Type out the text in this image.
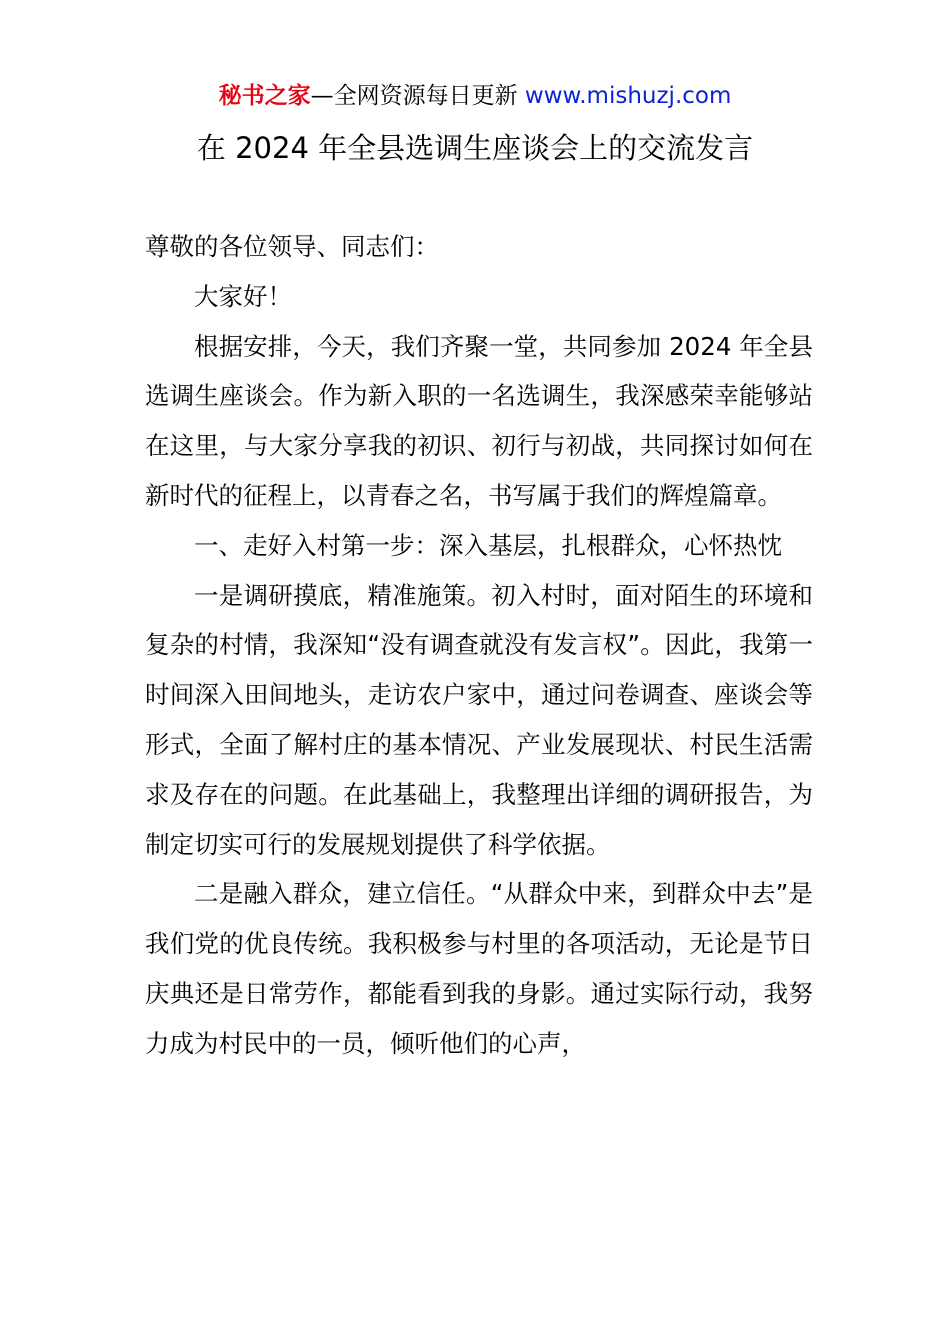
秘书之家—全网资源每日更新 www.mishuzj.com
在 2024 年全县选调生座谈会上的交流发言

尊敬的各位领导、同志们：

大家好！

根据安排，今天，我们齐聚一堂，共同参加 2024 年全县选调生座谈会。作为新入职的一名选调生，我深感荣幸能够站在这里，与大家分享我的初识、初行与初战，共同探讨如何在新时代的征程上，以青春之名，书写属于我们的辉煌篇章。

一、走好入村第一步：深入基层，扎根群众，心怀热忱

一是调研摸底，精准施策。初入村时，面对陌生的环境和复杂的村情，我深知“没有调查就没有发言权”。因此，我第一时间深入田间地头，走访农户家中，通过问卷调查、座谈会等形式，全面了解村庄的基本情况、产业发展现状、村民生活需求及存在的问题。在此基础上，我整理出详细的调研报告，为制定切实可行的发展规划提供了科学依据。

二是融入群众，建立信任。“从群众中来，到群众中去”是我们党的优良传统。我积极参与村里的各项活动，无论是节日庆典还是日常劳作，都能看到我的身影。通过实际行动，我努力成为村民中的一员，倾听他们的心声，
